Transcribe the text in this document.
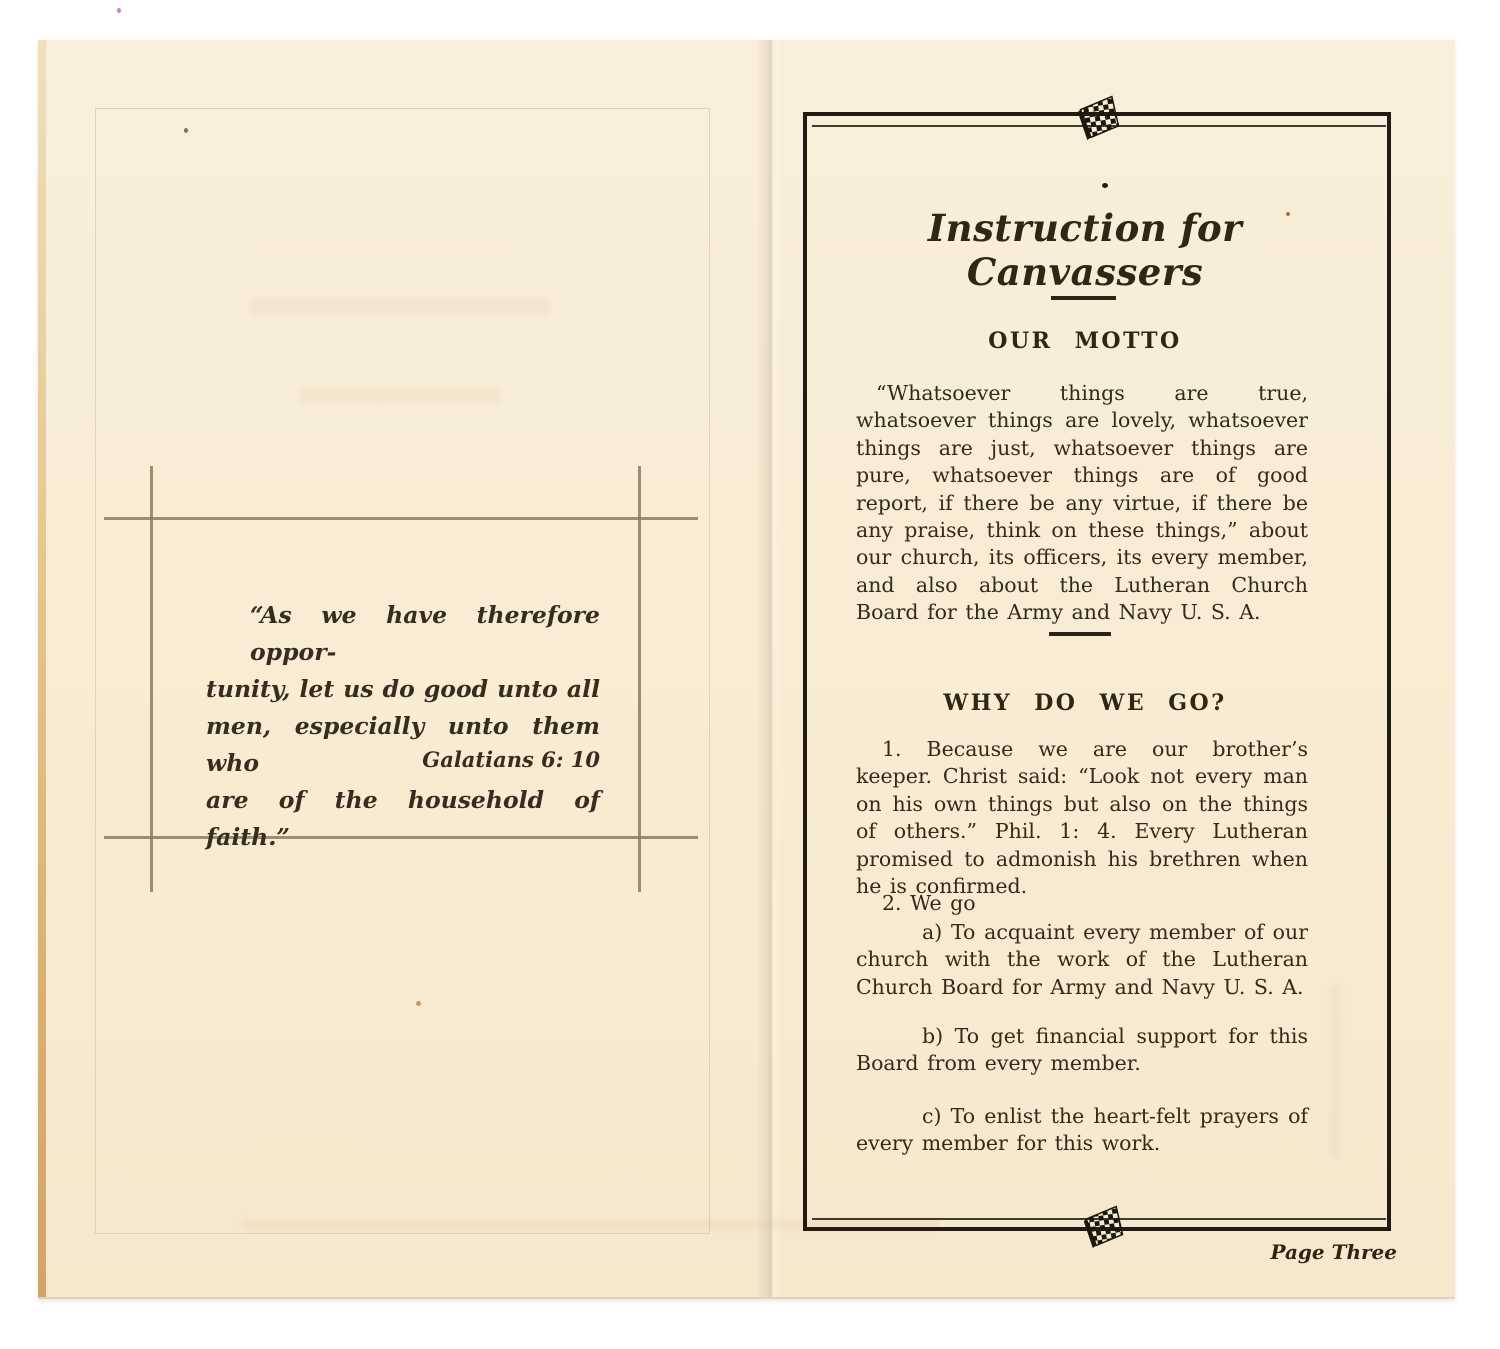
“As we have therefore oppor-
tunity, let us do good unto all
men, especially unto them who
are of the household of faith.”
Galatians 6: 10
Instruction for Canvassers
OUR MOTTO
“Whatsoever things are true, whatsoever things are lovely, whatsoever things are just, whatsoever things are pure, whatsoever things are of good report, if there be any virtue, if there be any praise, think on these things,” about our church, its officers, its every member, and also about the Lutheran Church Board for the Army and Navy U. S. A.
WHY DO WE GO?
1. Because we are our brother’s keeper. Christ said: “Look not every man on his own things but also on the things of others.” Phil. 1: 4. Every Lutheran promised to admonish his brethren when he is confirmed.
2. We go
a) To acquaint every member of our church with the work of the Lutheran Church Board for Army and Navy U. S. A.
b) To get financial support for this Board from every member.
c) To enlist the heart-felt prayers of every member for this work.
Page Three
